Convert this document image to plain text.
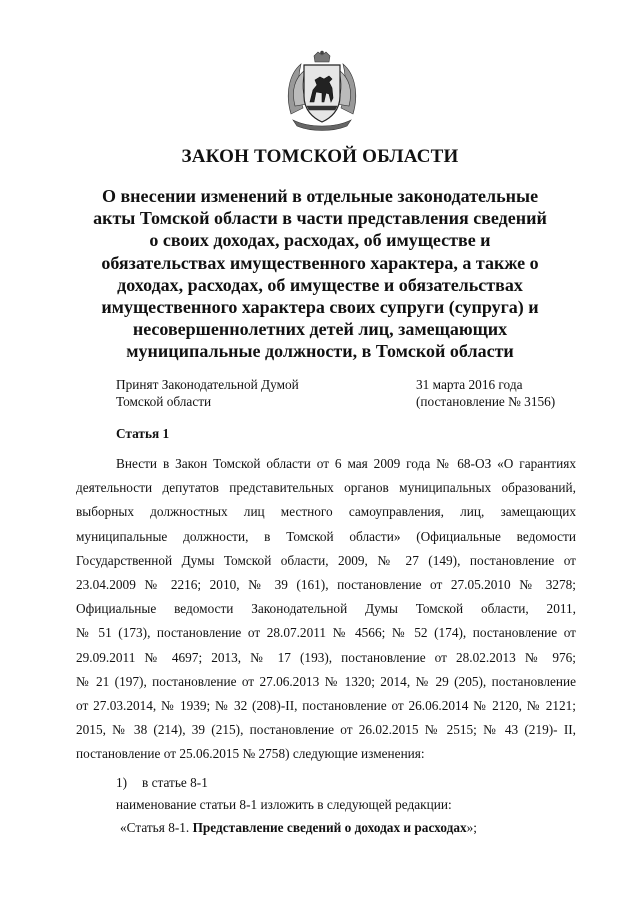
ЗАКОН ТОМСКОЙ ОБЛАСТИ
О внесении изменений в отдельные законодательные
акты Томской области в части представления сведений
о своих доходах, расходах, об имуществе и
обязательствах имущественного характера, а также о
доходах, расходах, об имуществе и обязательствах
имущественного характера своих супруги (супруга) и
несовершеннолетних детей лиц, замещающих
муниципальные должности, в Томской области
Принят Законодательной Думой
Томской области
31 марта 2016 года
(постановление № 3156)
Статья 1
Внести в Закон Томской области от 6 мая 2009 года № 68-ОЗ «О гарантиях
деятельности депутатов представительных органов муниципальных образований,
выборных должностных лиц местного самоуправления, лиц, замещающих
муниципальные должности, в Томской области» (Официальные ведомости
Государственной Думы Томской области, 2009, № 27 (149), постановление от
23.04.2009 № 2216; 2010, № 39 (161), постановление от 27.05.2010 № 3278;
Официальные ведомости Законодательной Думы Томской области, 2011,
№ 51 (173), постановление от 28.07.2011 № 4566; № 52 (174), постановление от
29.09.2011 № 4697; 2013, № 17 (193), постановление от 28.02.2013 № 976;
№ 21 (197), постановление от 27.06.2013 № 1320; 2014, № 29 (205), постановление
от 27.03.2014, № 1939; № 32 (208)-II, постановление от 26.06.2014 № 2120, № 2121;
2015, № 38 (214), 39 (215), постановление от 26.02.2015 № 2515; № 43 (219)- II,
постановление от 25.06.2015 № 2758) следующие изменения:
1) в статье 8-1
наименование статьи 8-1 изложить в следующей редакции:
«Статья 8-1. Представление сведений о доходах и расходах»;
